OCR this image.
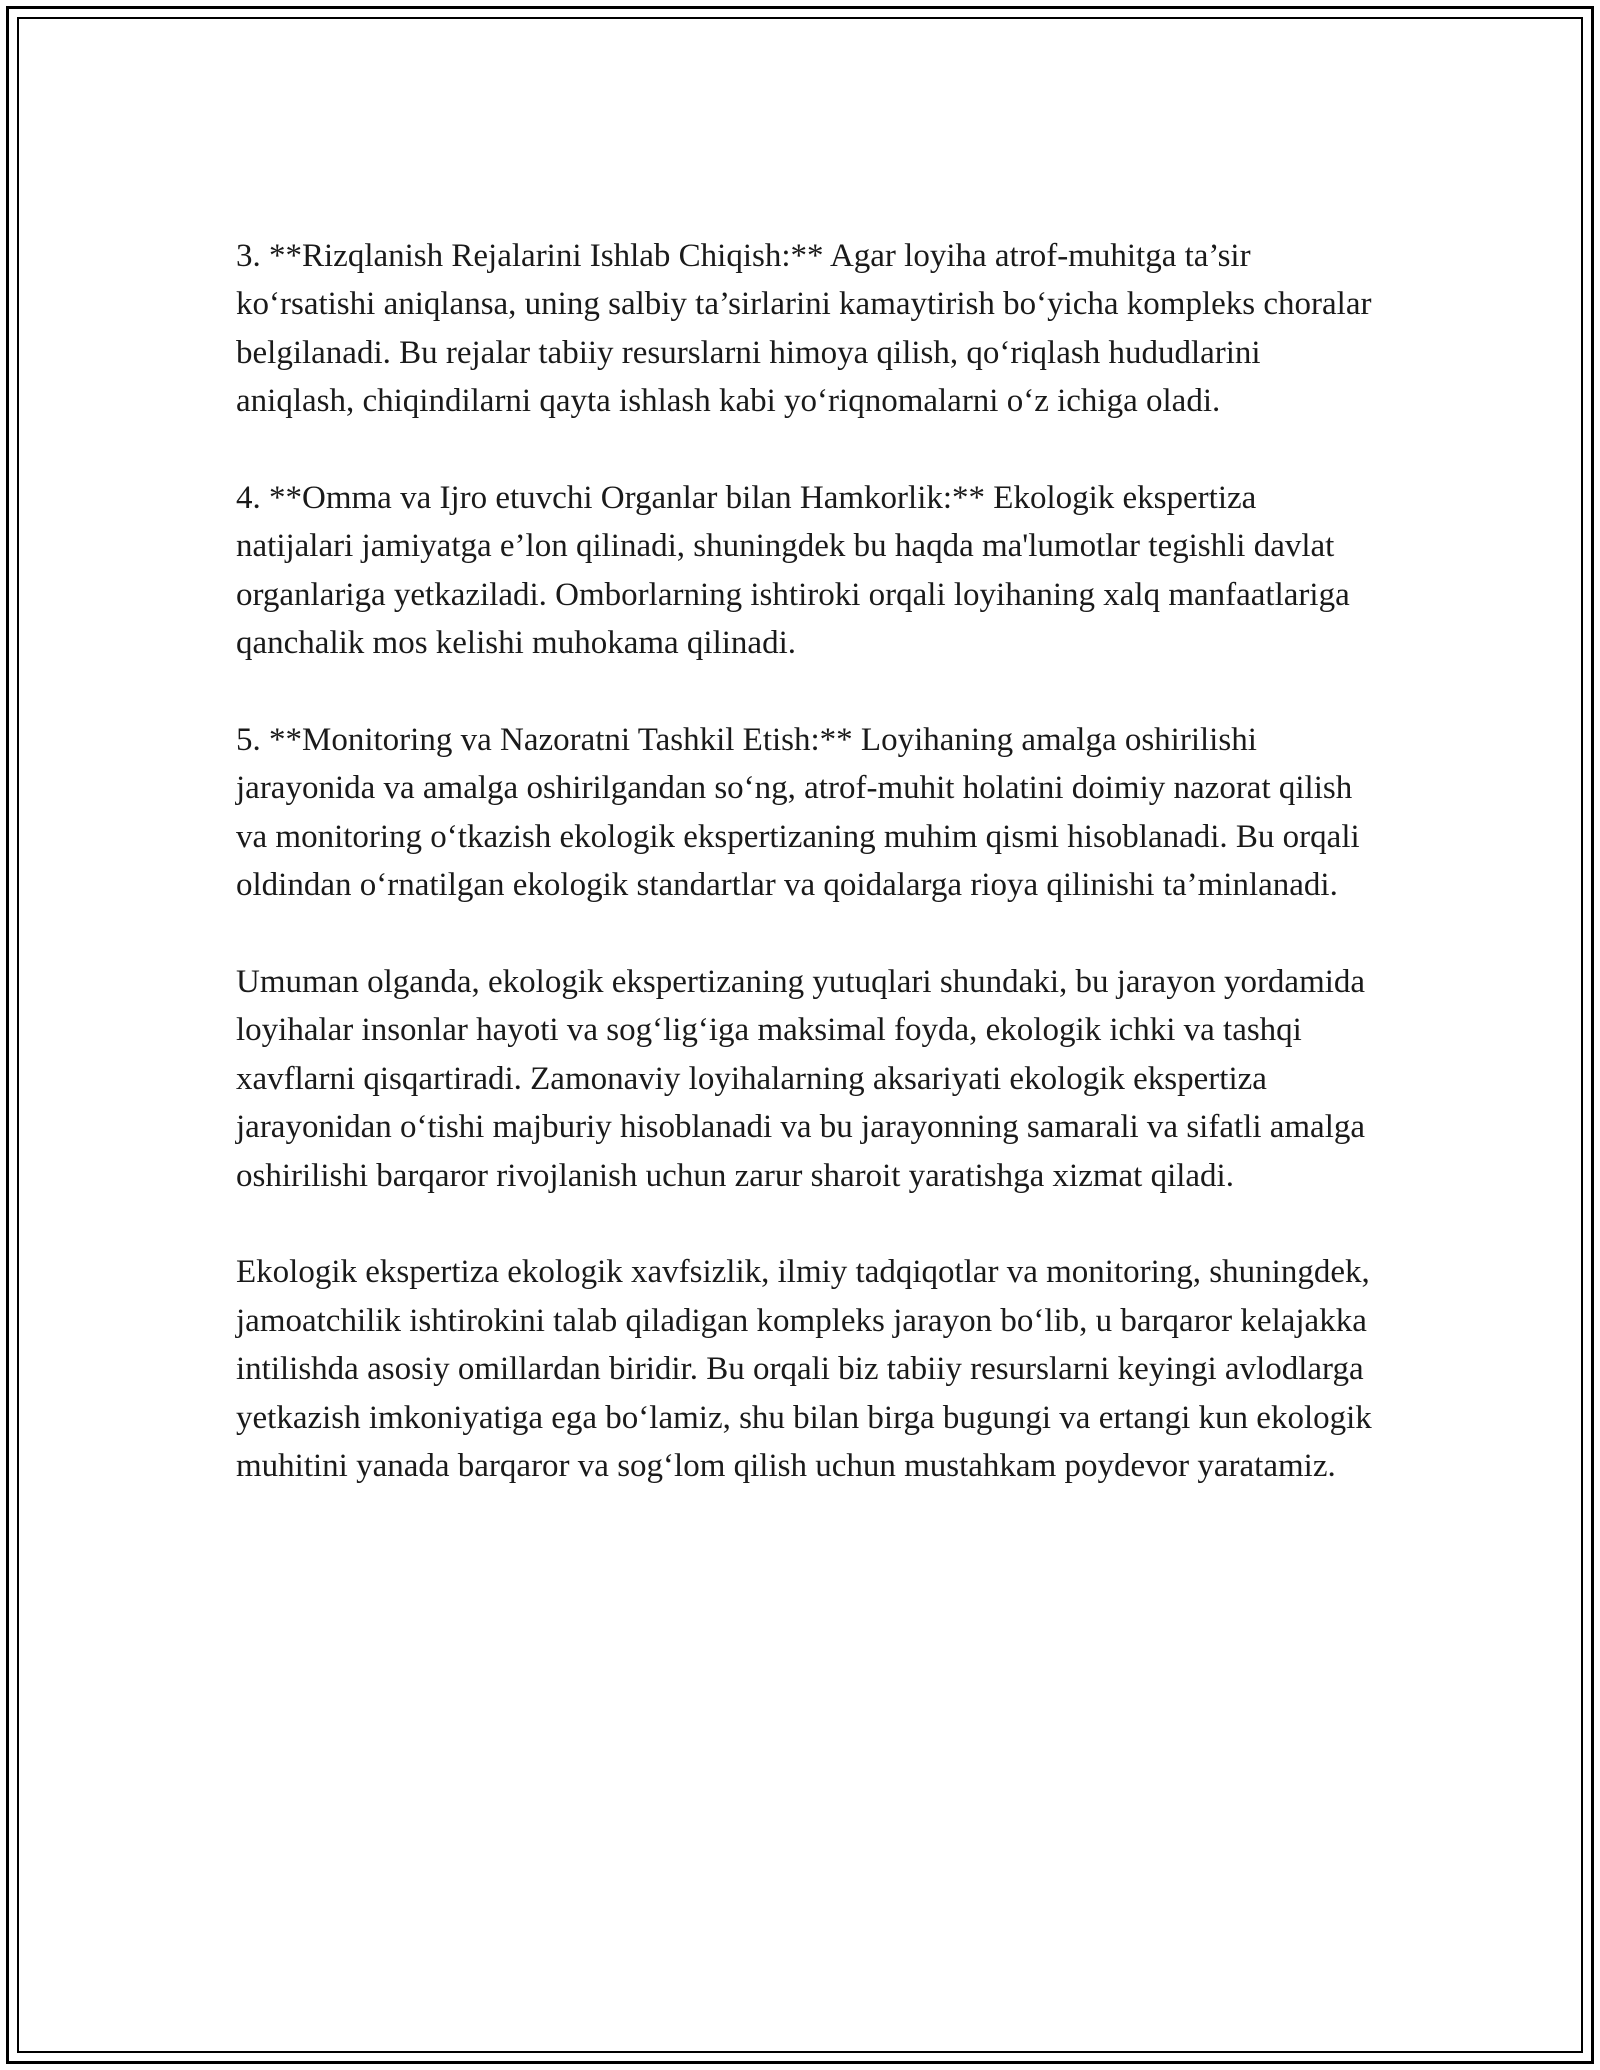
3. **Rizqlanish Rejalarini Ishlab Chiqish:** Agar loyiha atrof-muhitga ta’sir ko‘rsatishi aniqlansa, uning salbiy ta’sirlarini kamaytirish bo‘yicha kompleks choralar belgilanadi. Bu rejalar tabiiy resurslarni himoya qilish, qo‘riqlash hududlarini aniqlash, chiqindilarni qayta ishlash kabi yo‘riqnomalarni o‘z ichiga oladi.

4. **Omma va Ijro etuvchi Organlar bilan Hamkorlik:** Ekologik ekspertiza natijalari jamiyatga e’lon qilinadi, shuningdek bu haqda ma'lumotlar tegishli davlat organlariga yetkaziladi. Omborlarning ishtiroki orqali loyihaning xalq manfaatlariga qanchalik mos kelishi muhokama qilinadi.

5. **Monitoring va Nazoratni Tashkil Etish:** Loyihaning amalga oshirilishi jarayonida va amalga oshirilgandan so‘ng, atrof-muhit holatini doimiy nazorat qilish va monitoring o‘tkazish ekologik ekspertizaning muhim qismi hisoblanadi. Bu orqali oldindan o‘rnatilgan ekologik standartlar va qoidalarga rioya qilinishi ta’minlanadi.

Umuman olganda, ekologik ekspertizaning yutuqlari shundaki, bu jarayon yordamida loyihalar insonlar hayoti va sog‘lig‘iga maksimal foyda, ekologik ichki va tashqi xavflarni qisqartiradi. Zamonaviy loyihalarning aksariyati ekologik ekspertiza jarayonidan o‘tishi majburiy hisoblanadi va bu jarayonning samarali va sifatli amalga oshirilishi barqaror rivojlanish uchun zarur sharoit yaratishga xizmat qiladi.

Ekologik ekspertiza ekologik xavfsizlik, ilmiy tadqiqotlar va monitoring, shuningdek, jamoatchilik ishtirokini talab qiladigan kompleks jarayon bo‘lib, u barqaror kelajakka intilishda asosiy omillardan biridir. Bu orqali biz tabiiy resurslarni keyingi avlodlarga yetkazish imkoniyatiga ega bo‘lamiz, shu bilan birga bugungi va ertangi kun ekologik muhitini yanada barqaror va sog‘lom qilish uchun mustahkam poydevor yaratamiz.
